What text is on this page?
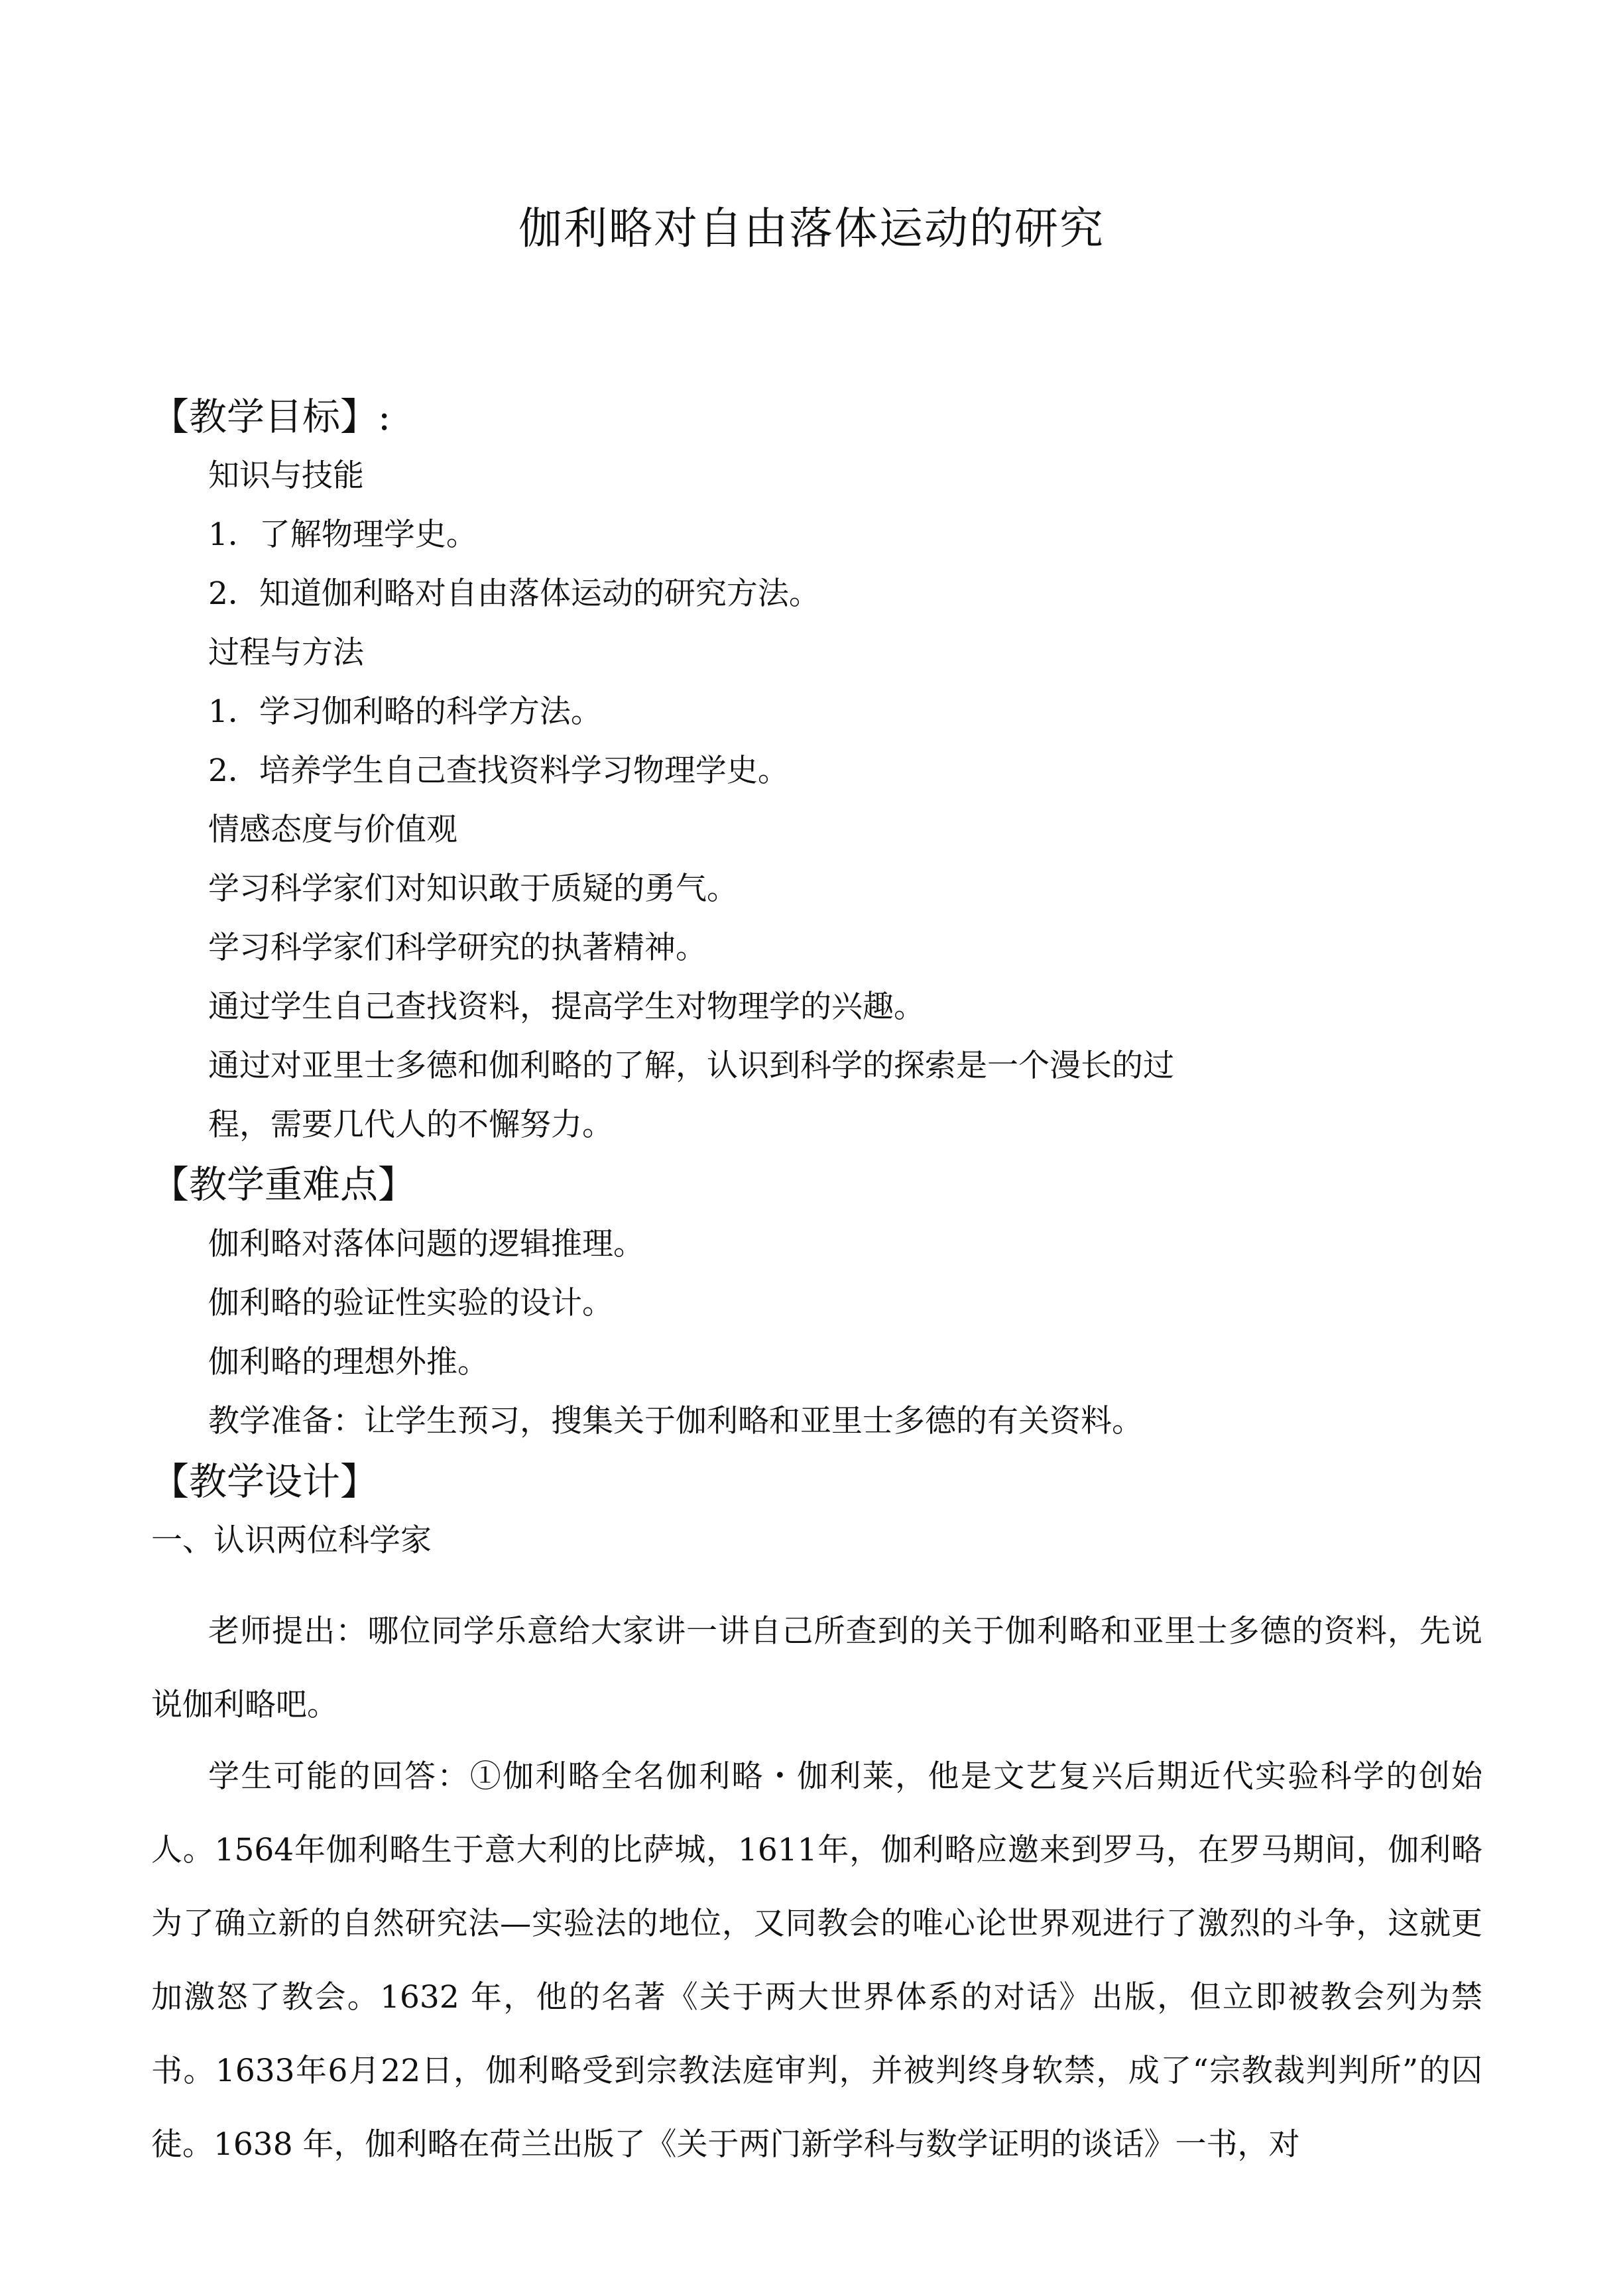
伽利略对自由落体运动的研究
【教学目标】:
知识与技能
1．了解物理学史。
2．知道伽利略对自由落体运动的研究方法。
过程与方法
1．学习伽利略的科学方法。
2．培养学生自己查找资料学习物理学史。
情感态度与价值观
学习科学家们对知识敢于质疑的勇气。
学习科学家们科学研究的执著精神。
通过学生自己查找资料，提高学生对物理学的兴趣。
通过对亚里士多德和伽利略的了解，认识到科学的探索是一个漫长的过
程，需要几代人的不懈努力。
【教学重难点】
伽利略对落体问题的逻辑推理。
伽利略的验证性实验的设计。
伽利略的理想外推。
教学准备：让学生预习，搜集关于伽利略和亚里士多德的有关资料。
【教学设计】
一、认识两位科学家
老师提出：哪位同学乐意给大家讲一讲自己所查到的关于伽利略和亚里士多德的资料，先说说伽利略吧。
学生可能的回答：①伽利略全名伽利略・伽利莱，他是文艺复兴后期近代实验科学的创始人。1564年伽利略生于意大利的比萨城，1611年，伽利略应邀来到罗马，在罗马期间，伽利略为了确立新的自然研究法—实验法的地位，又同教会的唯心论世界观进行了激烈的斗争，这就更加激怒了教会。1632 年，他的名著《关于两大世界体系的对话》出版，但立即被教会列为禁书。1633年6月22日，伽利略受到宗教法庭审判，并被判终身软禁，成了“宗教裁判判所”的囚徒。1638 年，伽利略在荷兰出版了《关于两门新学科与数学证明的谈话》一书，对
